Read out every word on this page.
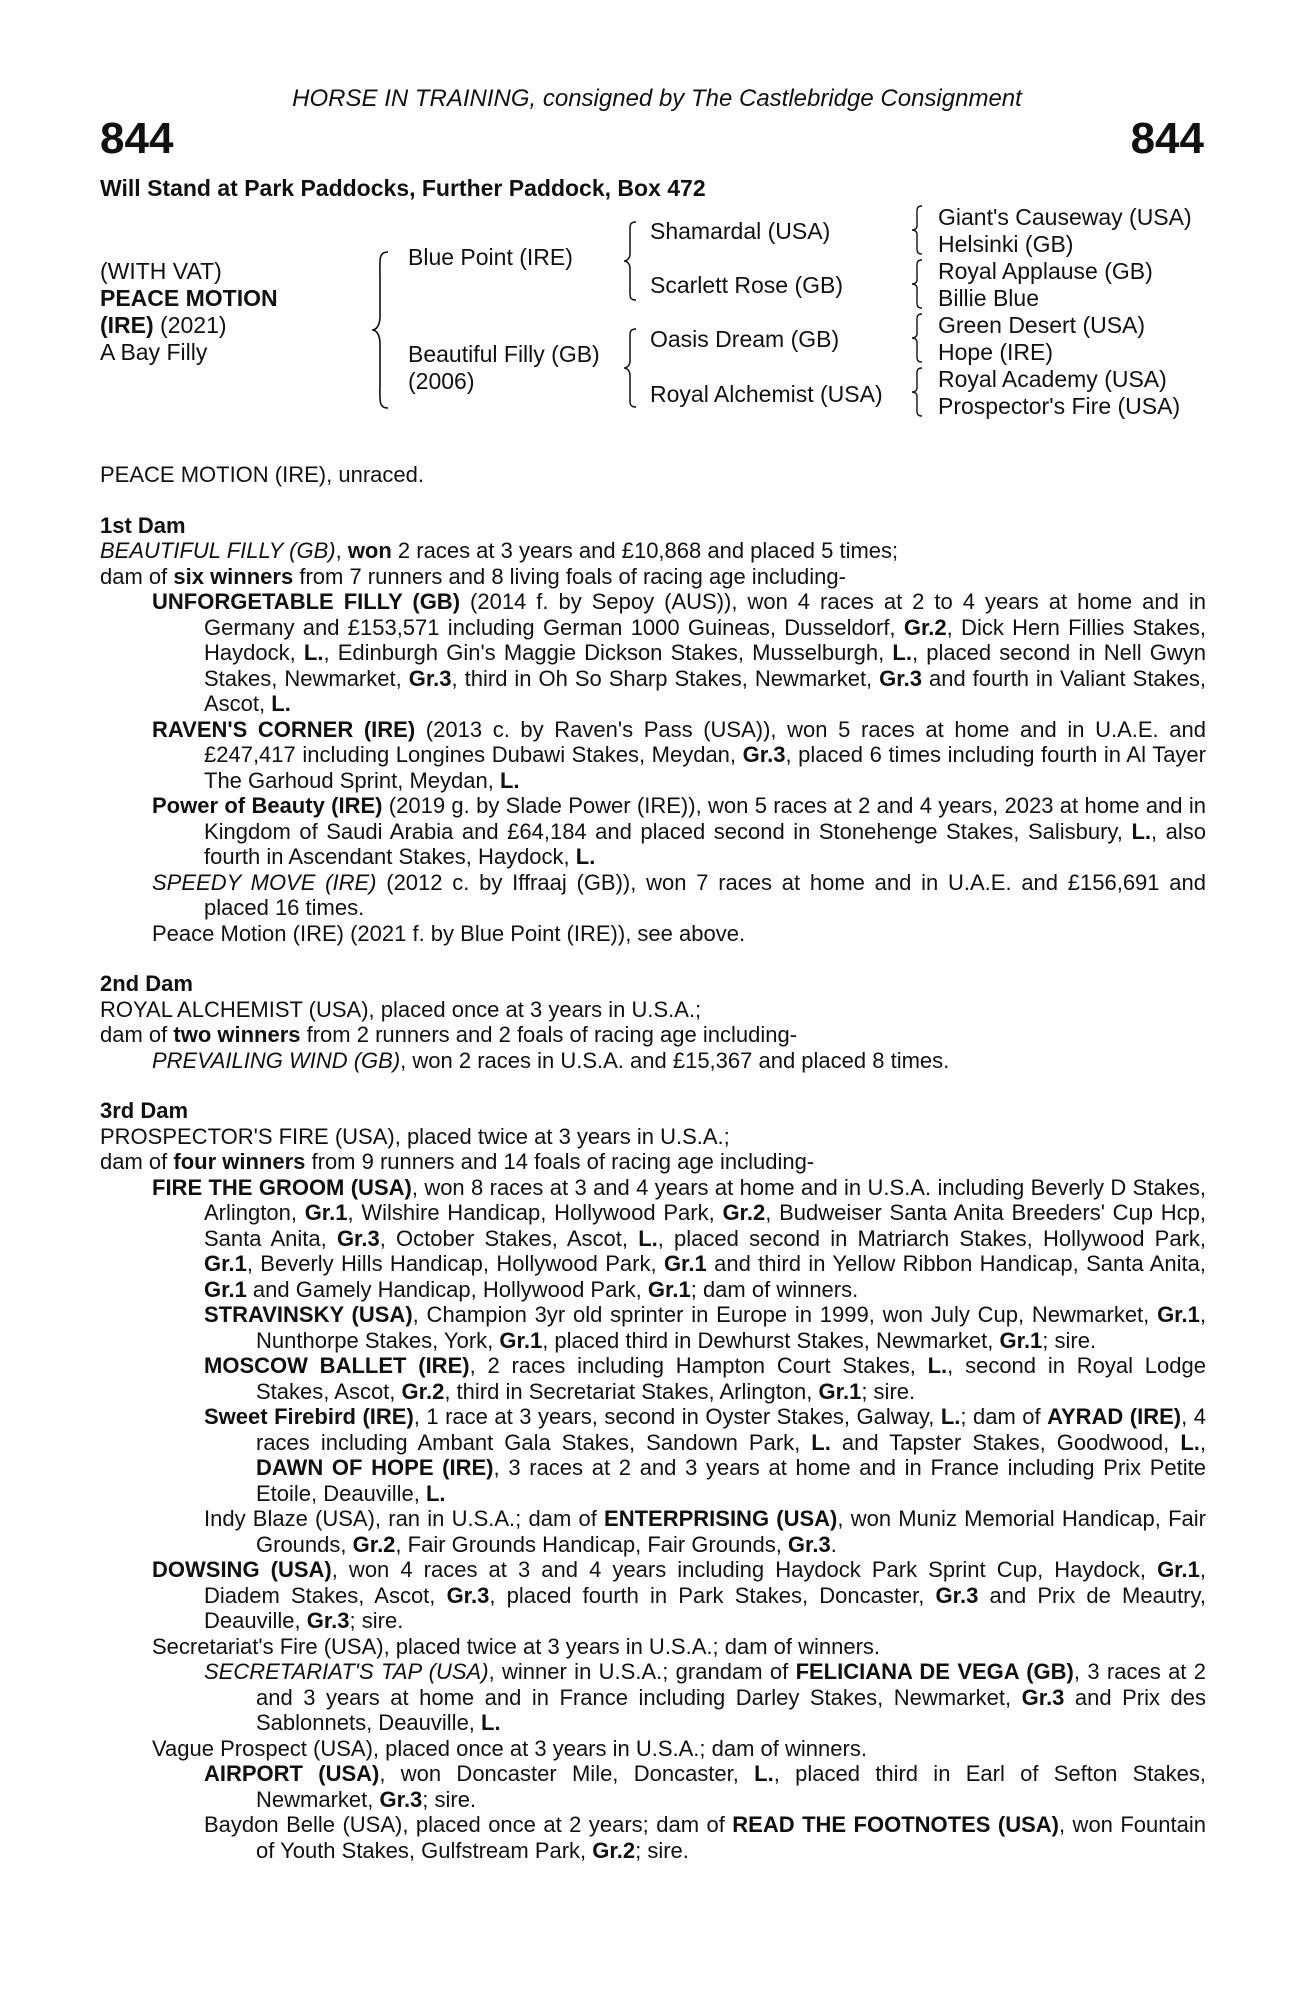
HORSE IN TRAINING, consigned by The Castlebridge Consignment
844	844
Will Stand at Park Paddocks, Further Paddock, Box 472
(WITH VAT)
PEACE MOTION
(IRE) (2021)
A Bay Filly
Blue Point (IRE)
Beautiful Filly (GB)
(2006)
Shamardal (USA)
Scarlett Rose (GB)
Oasis Dream (GB)
Royal Alchemist (USA)
Giant's Causeway (USA)
Helsinki (GB)
Royal Applause (GB)
Billie Blue
Green Desert (USA)
Hope (IRE)
Royal Academy (USA)
Prospector's Fire (USA)

PEACE MOTION (IRE), unraced.

1st Dam

BEAUTIFUL FILLY (GB), won 2 races at 3 years and £10,868 and placed 5 times;

dam of six winners from 7 runners and 8 living foals of racing age including-

UNFORGETABLE FILLY (GB) (2014 f. by Sepoy (AUS)), won 4 races at 2 to 4 years at home and in Germany and £153,571 including German 1000 Guineas, Dusseldorf, Gr.2, Dick Hern Fillies Stakes, Haydock, L., Edinburgh Gin's Maggie Dickson Stakes, Musselburgh, L., placed second in Nell Gwyn Stakes, Newmarket, Gr.3, third in Oh So Sharp Stakes, Newmarket, Gr.3 and fourth in Valiant Stakes, Ascot, L.

RAVEN'S CORNER (IRE) (2013 c. by Raven's Pass (USA)), won 5 races at home and in U.A.E. and £247,417 including Longines Dubawi Stakes, Meydan, Gr.3, placed 6 times including fourth in Al Tayer The Garhoud Sprint, Meydan, L.

Power of Beauty (IRE) (2019 g. by Slade Power (IRE)), won 5 races at 2 and 4 years, 2023 at home and in Kingdom of Saudi Arabia and £64,184 and placed second in Stonehenge Stakes, Salisbury, L., also fourth in Ascendant Stakes, Haydock, L.

SPEEDY MOVE (IRE) (2012 c. by Iffraaj (GB)), won 7 races at home and in U.A.E. and £156,691 and placed 16 times.

Peace Motion (IRE) (2021 f. by Blue Point (IRE)), see above.

2nd Dam

ROYAL ALCHEMIST (USA), placed once at 3 years in U.S.A.;

dam of two winners from 2 runners and 2 foals of racing age including-

PREVAILING WIND (GB), won 2 races in U.S.A. and £15,367 and placed 8 times.

3rd Dam

PROSPECTOR'S FIRE (USA), placed twice at 3 years in U.S.A.;

dam of four winners from 9 runners and 14 foals of racing age including-

FIRE THE GROOM (USA), won 8 races at 3 and 4 years at home and in U.S.A. including Beverly D Stakes, Arlington, Gr.1, Wilshire Handicap, Hollywood Park, Gr.2, Budweiser Santa Anita Breeders' Cup Hcp, Santa Anita, Gr.3, October Stakes, Ascot, L., placed second in Matriarch Stakes, Hollywood Park, Gr.1, Beverly Hills Handicap, Hollywood Park, Gr.1 and third in Yellow Ribbon Handicap, Santa Anita, Gr.1 and Gamely Handicap, Hollywood Park, Gr.1; dam of winners.

STRAVINSKY (USA), Champion 3yr old sprinter in Europe in 1999, won July Cup, Newmarket, Gr.1, Nunthorpe Stakes, York, Gr.1, placed third in Dewhurst Stakes, Newmarket, Gr.1; sire.

MOSCOW BALLET (IRE), 2 races including Hampton Court Stakes, L., second in Royal Lodge Stakes, Ascot, Gr.2, third in Secretariat Stakes, Arlington, Gr.1; sire.

Sweet Firebird (IRE), 1 race at 3 years, second in Oyster Stakes, Galway, L.; dam of AYRAD (IRE), 4 races including Ambant Gala Stakes, Sandown Park, L. and Tapster Stakes, Goodwood, L., DAWN OF HOPE (IRE), 3 races at 2 and 3 years at home and in France including Prix Petite Etoile, Deauville, L.

Indy Blaze (USA), ran in U.S.A.; dam of ENTERPRISING (USA), won Muniz Memorial Handicap, Fair Grounds, Gr.2, Fair Grounds Handicap, Fair Grounds, Gr.3.

DOWSING (USA), won 4 races at 3 and 4 years including Haydock Park Sprint Cup, Haydock, Gr.1, Diadem Stakes, Ascot, Gr.3, placed fourth in Park Stakes, Doncaster, Gr.3 and Prix de Meautry, Deauville, Gr.3; sire.

Secretariat's Fire (USA), placed twice at 3 years in U.S.A.; dam of winners.

SECRETARIAT'S TAP (USA), winner in U.S.A.; grandam of FELICIANA DE VEGA (GB), 3 races at 2 and 3 years at home and in France including Darley Stakes, Newmarket, Gr.3 and Prix des Sablonnets, Deauville, L.

Vague Prospect (USA), placed once at 3 years in U.S.A.; dam of winners.

AIRPORT (USA), won Doncaster Mile, Doncaster, L., placed third in Earl of Sefton Stakes, Newmarket, Gr.3; sire.

Baydon Belle (USA), placed once at 2 years; dam of READ THE FOOTNOTES (USA), won Fountain of Youth Stakes, Gulfstream Park, Gr.2; sire.
